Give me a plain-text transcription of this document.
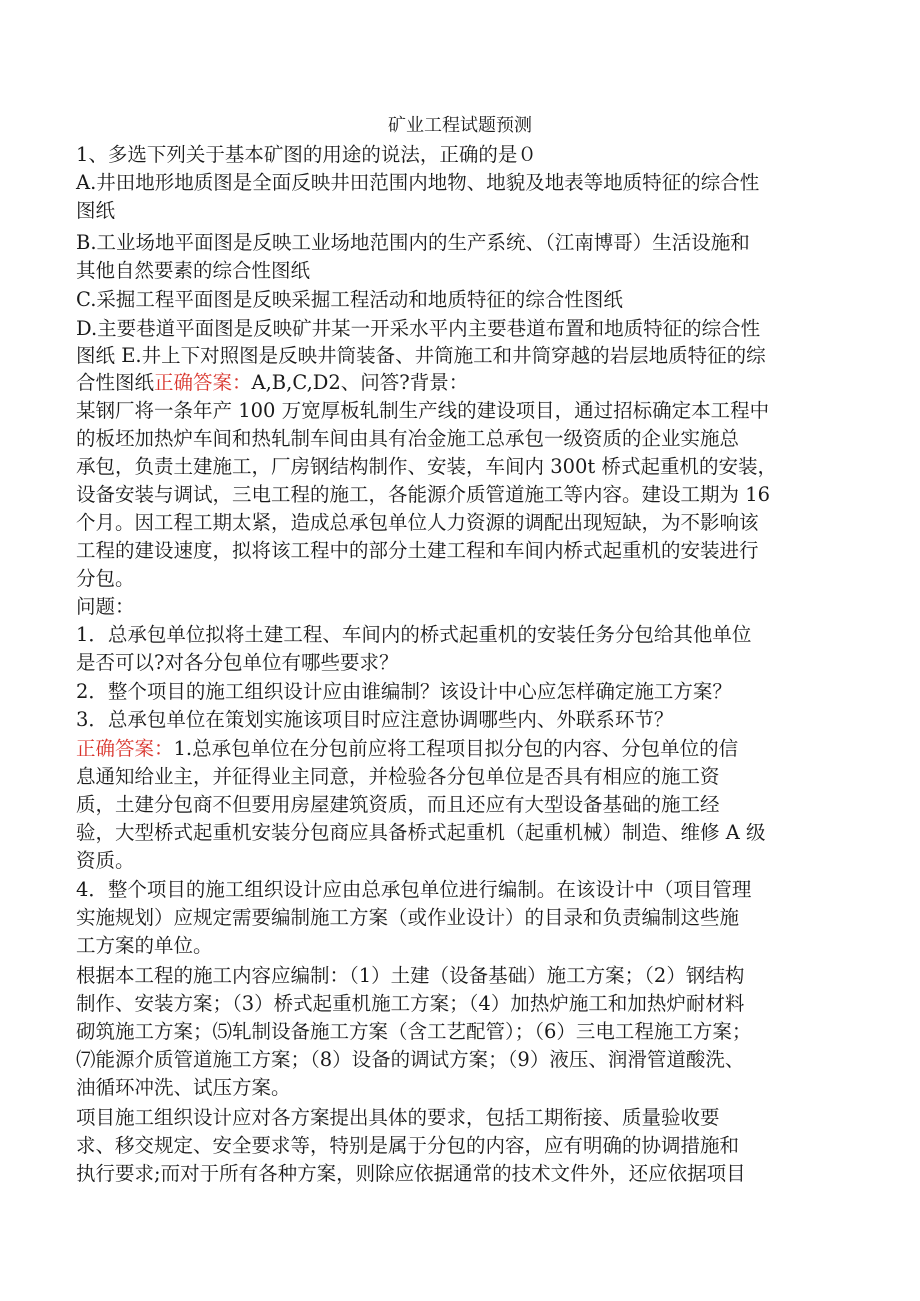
矿业工程试题预测
1、多选下列关于基本矿图的用途的说法，正确的是０
A.井田地形地质图是全面反映井田范围内地物、地貌及地表等地质特征的综合性
图纸
B.工业场地平面图是反映工业场地范围内的生产系统、（江南博哥）生活设施和
其他自然要素的综合性图纸
C.采掘工程平面图是反映采掘工程活动和地质特征的综合性图纸
D.主要巷道平面图是反映矿井某一开采水平内主要巷道布置和地质特征的综合性
图纸 E.井上下对照图是反映井筒装备、井筒施工和井筒穿越的岩层地质特征的综
合性图纸正确答案：A,B,C,D2、问答?背景：
某钢厂将一条年产 100 万宽厚板轧制生产线的建设项目，通过招标确定本工程中
的板坯加热炉车间和热轧制车间由具有冶金施工总承包一级资质的企业实施总
承包，负责土建施工，厂房钢结构制作、安装，车间内 300t 桥式起重机的安装，
设备安装与调试，三电工程的施工，各能源介质管道施工等内容。建设工期为 16
个月。因工程工期太紧，造成总承包单位人力资源的调配出现短缺，为不影响该
工程的建设速度，拟将该工程中的部分土建工程和车间内桥式起重机的安装进行
分包。
问题：
1．总承包单位拟将土建工程、车间内的桥式起重机的安装任务分包给其他单位
是否可以?对各分包单位有哪些要求？
2．整个项目的施工组织设计应由谁编制？该设计中心应怎样确定施工方案？
3．总承包单位在策划实施该项目时应注意协调哪些内、外联系环节？
正确答案：1.总承包单位在分包前应将工程项目拟分包的内容、分包单位的信
息通知给业主，并征得业主同意，并检验各分包单位是否具有相应的施工资
质，土建分包商不但要用房屋建筑资质，而且还应有大型设备基础的施工经
验，大型桥式起重机安装分包商应具备桥式起重机（起重机械）制造、维修 A 级
资质。
4．整个项目的施工组织设计应由总承包单位进行编制。在该设计中（项目管理
实施规划）应规定需要编制施工方案（或作业设计）的目录和负责编制这些施
工方案的单位。
根据本工程的施工内容应编制：（1）土建（设备基础）施工方案；（2）钢结构
制作、安装方案；（3）桥式起重机施工方案；（4）加热炉施工和加热炉耐材料
砌筑施工方案；⑸轧制设备施工方案（含工艺配管）；（6）三电工程施工方案；
⑺能源介质管道施工方案；（8）设备的调试方案；（9）液压、润滑管道酸洗、
油循环冲洗、试压方案。
项目施工组织设计应对各方案提出具体的要求，包括工期衔接、质量验收要
求、移交规定、安全要求等，特别是属于分包的内容，应有明确的协调措施和
执行要求;而对于所有各种方案，则除应依据通常的技术文件外，还应依据项目
